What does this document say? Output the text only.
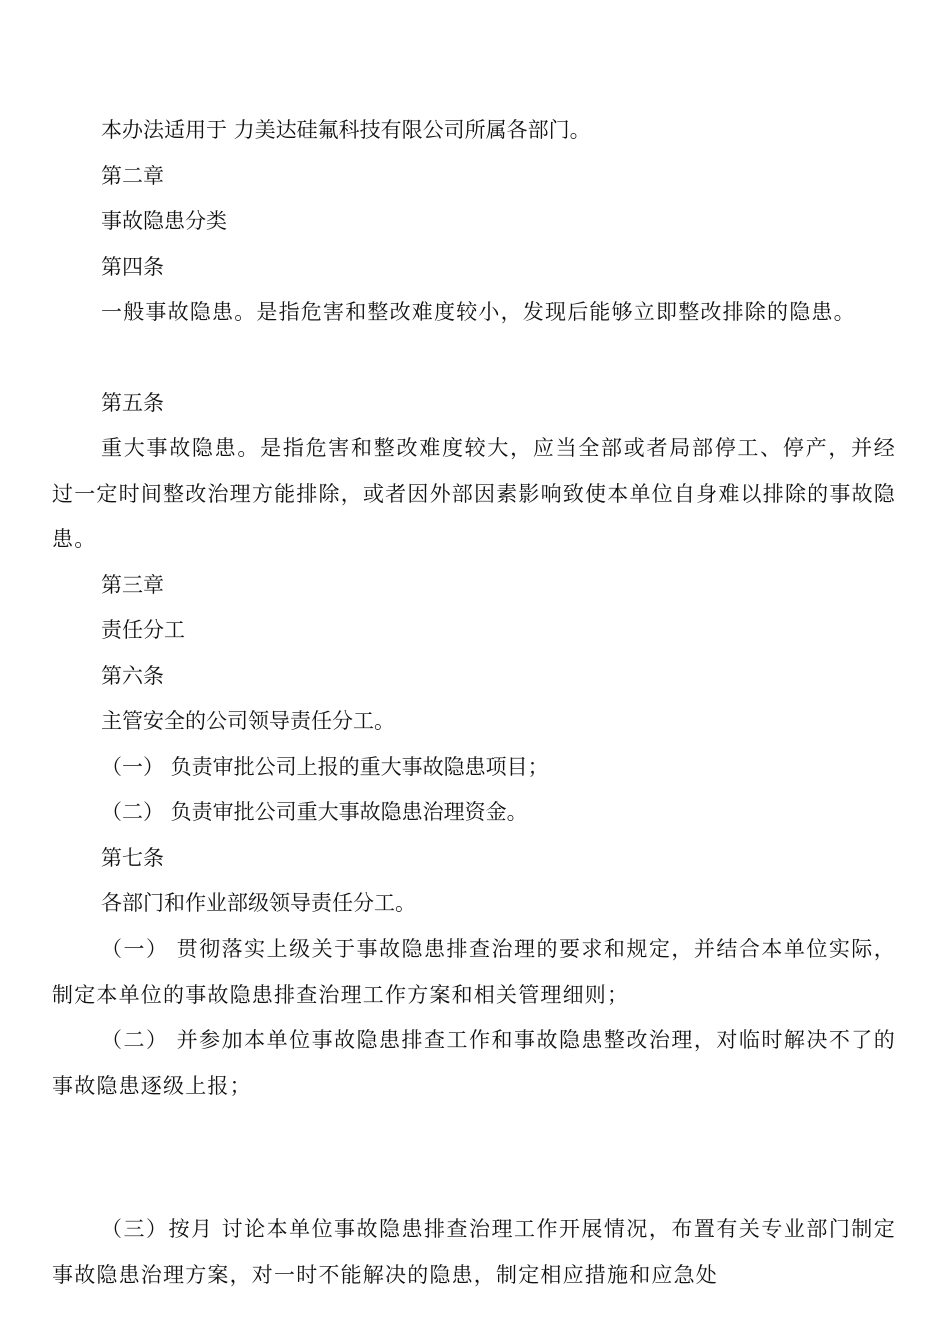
本办法适用于 力美达硅氟科技有限公司所属各部门。

第二章

事故隐患分类

第四条

一般事故隐患。是指危害和整改难度较小，发现后能够立即整改排除的隐患。

第五条

重大事故隐患。是指危害和整改难度较大，应当全部或者局部停工、停产，并经过一定时间整改治理方能排除，或者因外部因素影响致使本单位自身难以排除的事故隐患。

第三章

责任分工

第六条

主管安全的公司领导责任分工。

（一） 负责审批公司上报的重大事故隐患项目；

（二） 负责审批公司重大事故隐患治理资金。

第七条

各部门和作业部级领导责任分工。

（一） 贯彻落实上级关于事故隐患排查治理的要求和规定，并结合本单位实际，制定本单位的事故隐患排查治理工作方案和相关管理细则；

（二） 并参加本单位事故隐患排查工作和事故隐患整改治理，对临时解决不了的事故隐患逐级上报；

（三）按月 讨论本单位事故隐患排查治理工作开展情况，布置有关专业部门制定事故隐患治理方案，对一时不能解决的隐患，制定相应措施和应急处
